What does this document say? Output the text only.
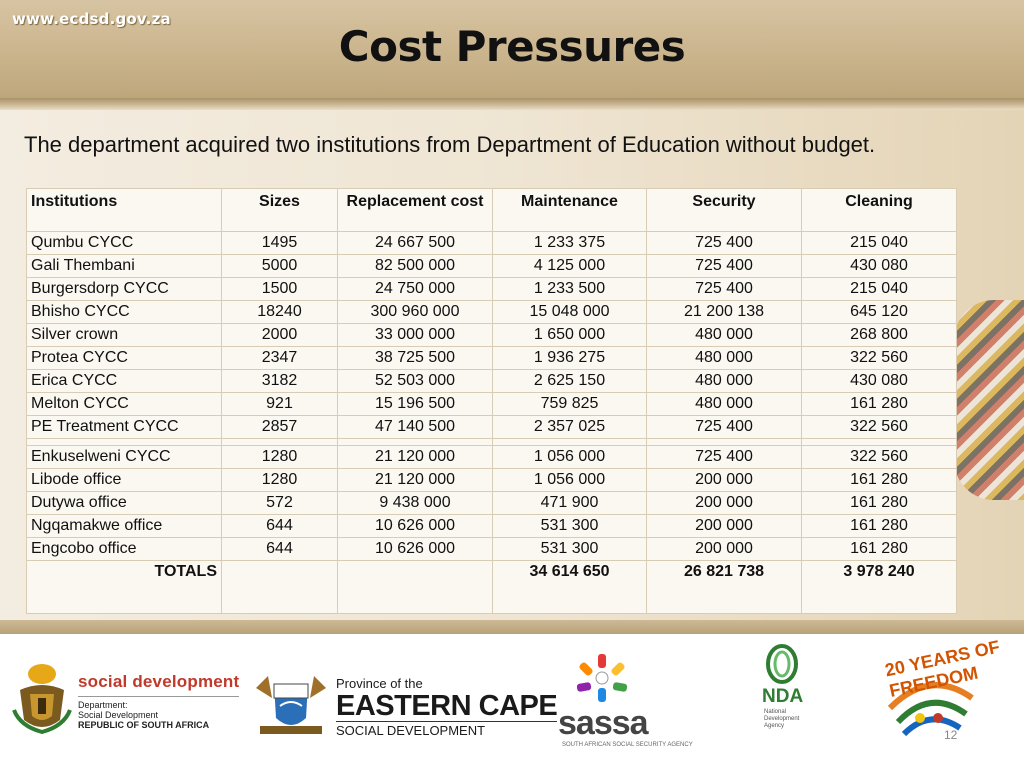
www.ecdsd.gov.za
Cost Pressures
The department acquired two institutions from Department of Education without budget.
Institutions	Sizes	Replacement cost	Maintenance	Security	Cleaning
Qumbu CYCC	1495	24 667 500	1 233 375	725 400	215 040
Gali Thembani	5000	82 500 000	4 125 000	725 400	430 080
Burgersdorp CYCC	1500	24 750 000	1 233 500	725 400	215 040
Bhisho CYCC	18240	300 960 000	15 048 000	21 200 138	645 120
Silver crown	2000	33 000 000	1 650 000	480 000	268 800
Protea CYCC	2347	38 725 500	1 936 275	480 000	322 560
Erica CYCC	3182	52 503 000	2 625 150	480 000	430 080
Melton CYCC	921	15 196 500	759 825	480 000	161 280
PE Treatment CYCC	2857	47 140 500	2 357 025	725 400	322 560

Enkuselweni CYCC	1280	21 120 000	1 056 000	725 400	322 560
Libode office	1280	21 120 000	1 056 000	200 000	161 280
Dutywa office	572	9 438 000	471 900	200 000	161 280
Ngqamakwe office	644	10 626 000	531 300	200 000	161 280
Engcobo office	644	10 626 000	531 300	200 000	161 280
TOTALS			34 614 650	26 821 738	3 978 240
social development
Department:
Social Development
REPUBLIC OF SOUTH AFRICA
Province of the
EASTERN CAPE
SOCIAL DEVELOPMENT	sassa
SOUTH AFRICAN SOCIAL SECURITY AGENCY
NDA
National Development Agency
20 YEARS OF FREEDOM
12
